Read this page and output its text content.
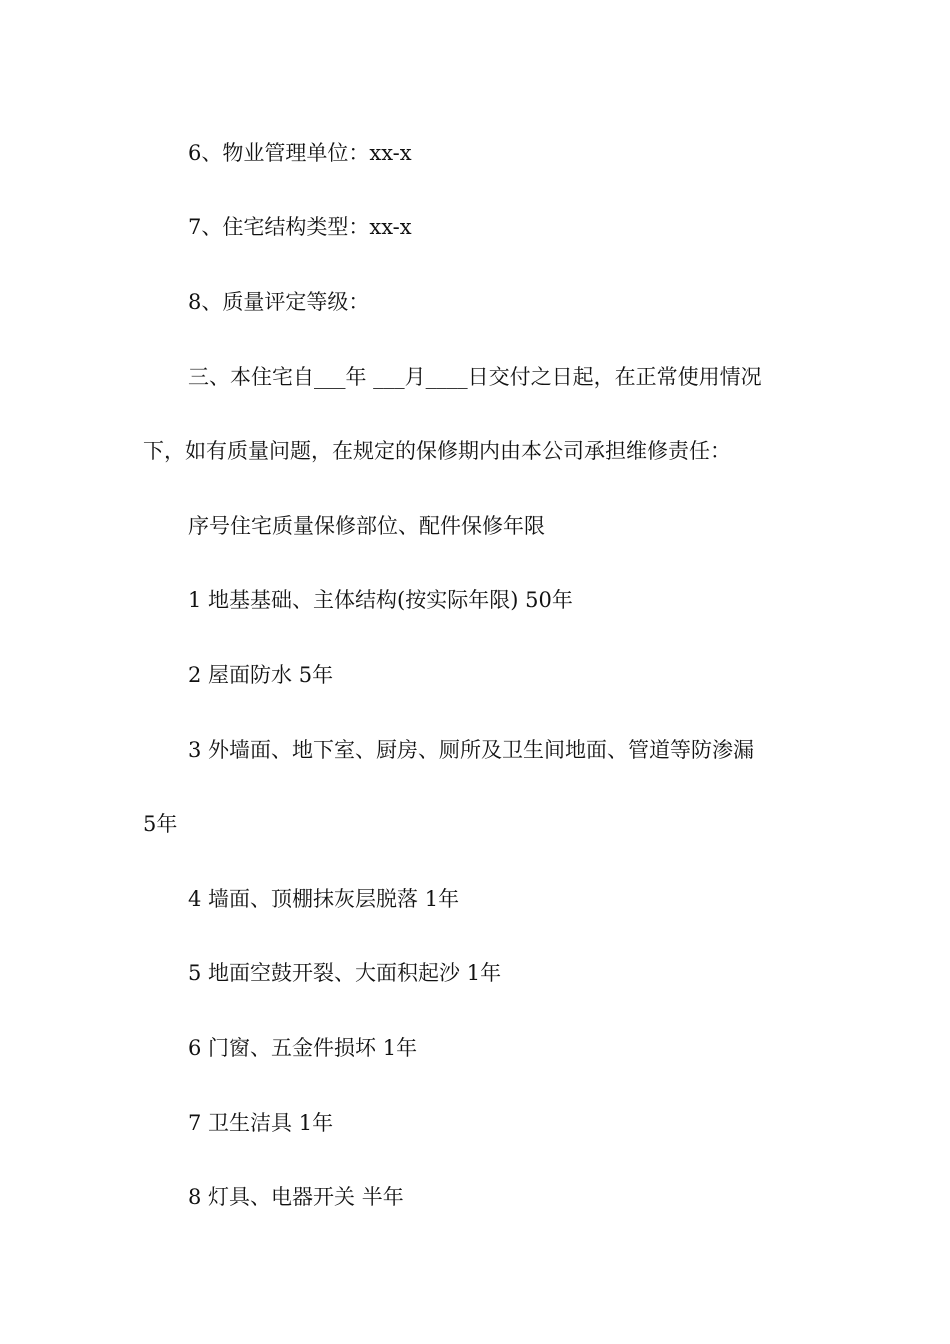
6、物业管理单位：xx-x
7、住宅结构类型：xx-x
8、质量评定等级：
三、本住宅自___年 ___月____日交付之日起，在正常使用情况
下，如有质量问题，在规定的保修期内由本公司承担维修责任：
序号住宅质量保修部位、配件保修年限
1 地基基础、主体结构(按实际年限) 50年
2 屋面防水 5年
3 外墙面、地下室、厨房、厕所及卫生间地面、管道等防渗漏
5年
4 墙面、顶棚抹灰层脱落 1年
5 地面空鼓开裂、大面积起沙 1年
6 门窗、五金件损坏 1年
7 卫生洁具 1年
8 灯具、电器开关 半年
